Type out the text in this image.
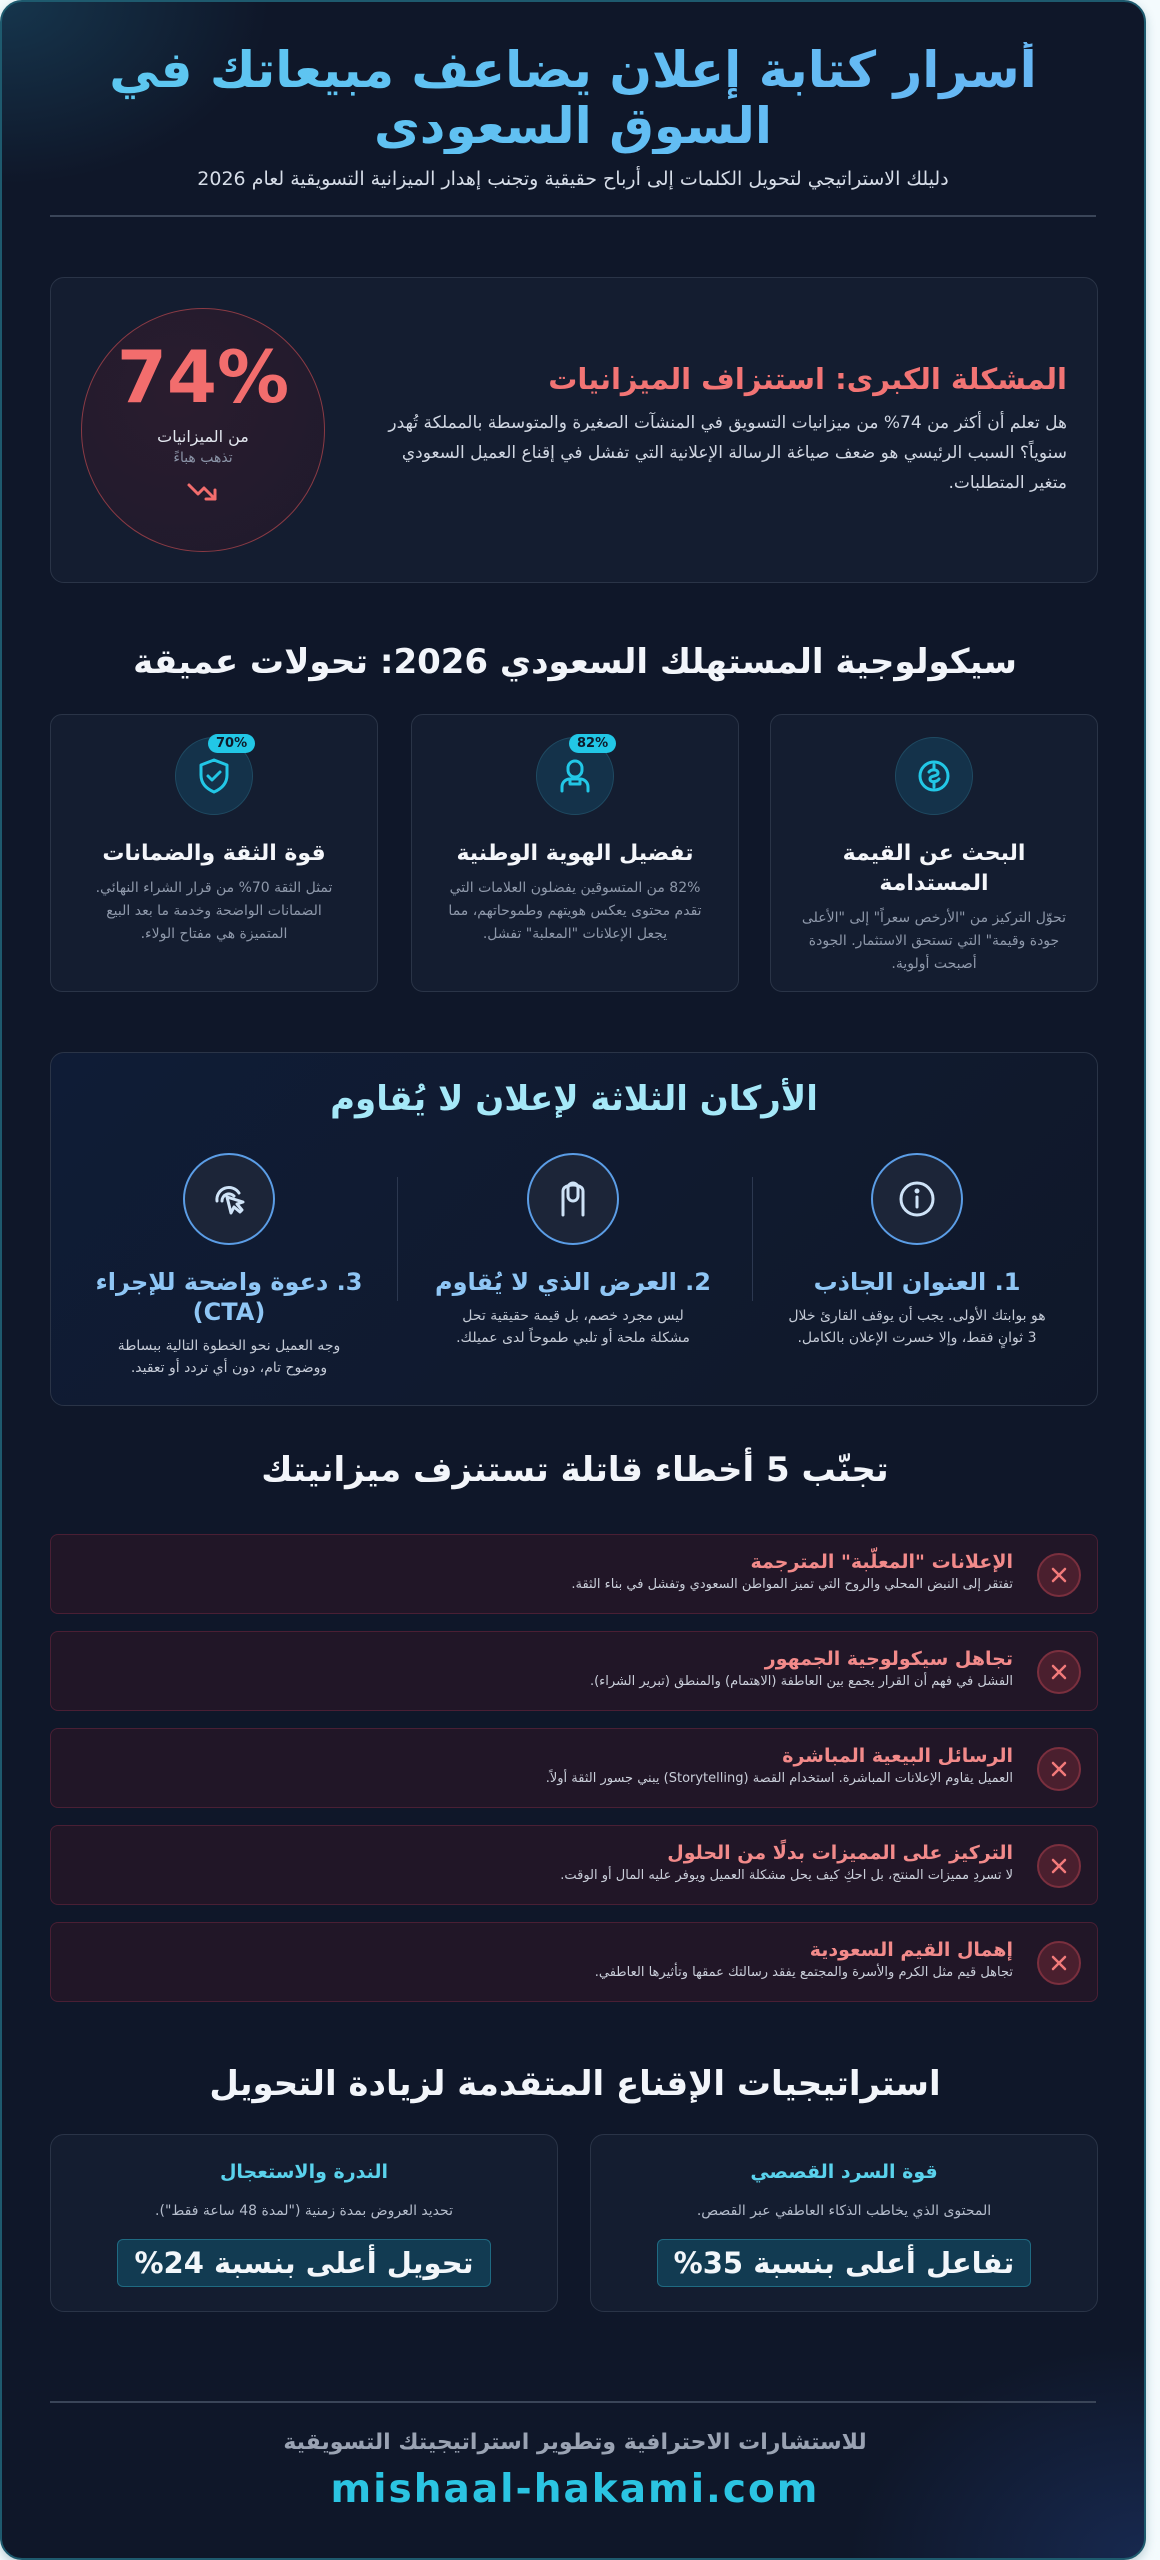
أسرار كتابة إعلان يضاعف مبيعاتك في السوق السعودى
دليلك الاستراتيجي لتحويل الكلمات إلى أرباح حقيقية وتجنب إهدار الميزانية التسويقية لعام 2026
74%
من الميزانيات
تذهب هباءً
المشكلة الكبرى: استنزاف الميزانيات

هل تعلم أن أكثر من 74% من ميزانيات التسويق في المنشآت الصغيرة والمتوسطة بالمملكة تُهدر سنوياً؟ السبب الرئيسي هو ضعف صياغة الرسالة الإعلانية التي تفشل في إقناع العميل السعودي متغير المتطلبات.

سيكولوجية المستهلك السعودي 2026: تحولات عميقة
البحث عن القيمة المستدامة

تحوّل التركيز من "الأرخص سعراً" إلى "الأعلى جودة وقيمة" التي تستحق الاستثمار. الجودة أصبحت أولوية.

82%
تفضيل الهوية الوطنية

82% من المتسوقين يفضلون العلامات التي تقدم محتوى يعكس هويتهم وطموحاتهم، مما يجعل الإعلانات "المعلبة" تفشل.

70%
قوة الثقة والضمانات

تمثل الثقة 70% من قرار الشراء النهائي. الضمانات الواضحة وخدمة ما بعد البيع المتميزة هي مفتاح الولاء.

الأركان الثلاثة لإعلان لا يُقاوم
1. العنوان الجاذب

هو بوابتك الأولى. يجب أن يوقف القارئ خلال 3 ثوانٍ فقط، وإلا خسرت الإعلان بالكامل.

2. العرض الذي لا يُقاوم

ليس مجرد خصم، بل قيمة حقيقية تحل مشكلة ملحة أو تلبي طموحاً لدى عميلك.

3. دعوة واضحة للإجراء (CTA)

وجه العميل نحو الخطوة التالية ببساطة ووضوح تام، دون أي تردد أو تعقيد.

تجنّب 5 أخطاء قاتلة تستنزف ميزانيتك
الإعلانات "المعلّبة" المترجمة

تفتقر إلى النبض المحلي والروح التي تميز المواطن السعودي وتفشل في بناء الثقة.

تجاهل سيكولوجية الجمهور

الفشل في فهم أن القرار يجمع بين العاطفة (الاهتمام) والمنطق (تبرير الشراء).

الرسائل البيعية المباشرة

العميل يقاوم الإعلانات المباشرة. استخدام القصة (Storytelling) يبني جسور الثقة أولاً.

التركيز على المميزات بدلًا من الحلول

لا تسردِ مميزات المنتج، بل احكِ كيف يحل مشكلة العميل ويوفر عليه المال أو الوقت.

إهمال القيم السعودية

تجاهل قيم مثل الكرم والأسرة والمجتمع يفقد رسالتك عمقها وتأثيرها العاطفي.

استراتيجيات الإقناع المتقدمة لزيادة التحويل
قوة السرد القصصي

المحتوى الذي يخاطب الذكاء العاطفي عبر القصص.

تفاعل أعلى بنسبة 35%
الندرة والاستعجال

تحديد العروض بمدة زمنية ("لمدة 48 ساعة فقط").

تحويل أعلى بنسبة 24%
للاستشارات الاحترافية وتطوير استراتيجيتك التسويقية
mishaal-hakami.com
